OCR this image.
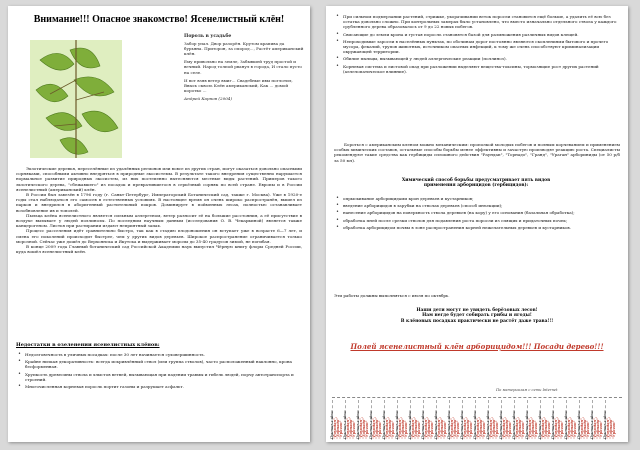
Внимание!!! Опасное знакомство! Ясенелистный клён!
Пороль в усадьбе
Забор упал. Двор разорён. Крутом крапива да бурьяна. Приторон, за смород..., Растёт американский клён.
Ему привольно на земле, Забывшей труд простой и вечный. Народ толпой рванул в города, И стало пусто на селе.
И вот взяв ветер вмиг... Свадебные ивы поглотил, Ввысь сквозь Клён американский, Как ... домой коротко ...
Андрей Карпов (2004)

Экзотические деревья, переселённые из удалённых регионов или вовсе из других стран, могут оказаться довольно опасными сорняками, способными активно внедряться в природные экосистемы. В результате такого внедрения существенно нарушается нормальное развитие природных экосистем, из них постепенно вытесняются местные виды растений. Примеров такого экзотического дерева, "сбежавшего" из посадок и превратившегося в серьёзный сорняк по всей стране. Европы и в России ясенелистный (американский) клён.

В России был завезён в 1796 году (г. Санкт-Петербург, Императорский Ботанический сад, также г. Москва). Уже в 1920-е годы стал наблюдаться его самосев в естественных условиях. В настоящее время он очень широко распространён, вышел из парков и внедрился в аборигенный растительный покров. Доминирует в пойменных лесах, полностью останавливает возобновление ив и тополей.

Пыльца клёна ясенелистного является сильным аллергеном, ветер разносит её на большие расстояния, а её присутствие в воздухе вызывает у людей поллинозы. По последним научным данным (исследования О. В. Чекаркиной) является также канцерогеном. Листья при растирании издают неприятный запах.

Процесс расселения идёт сравнительно быстро, так как в стадию плодоношения он вступает уже в возрасте 6—7 лет, и смена его поколений происходит быстрее, чем у других видов деревьев. Широкое распространение ограничивается только морозной. Сейчас уже дошёл до Верхоянска и Якутска и выдерживает морозы до 35-40 градусов зимой, не погибая.

В конце 2009 года Главный ботанический сад Российской Академии наук выпустил Чёрную книгу флоры Средней России, куда вошёл ясенелистный клён.

Недостатки в озеленении ясенелистных клёнов:
• Недолговечность в уличных посадках: после 30 лет начинается суховершинность.
• Крайне низкая декоративность: всегда искривлённый ствол (или группа стволов), часто расположенный наклонно, крона бесформенная.
• Хрупкость древесины ствола и хлыстов ветвей, вызывающая при падении травмы и гибель людей, порчу автотранспорта и строений.
• Многочисленная корневая поросль портит газоны и разрушает асфальт.
• При сильном подмерзании растений, стрижке, укорачивании веток поросли становится ещё больше, а удалить её всю без остатка довольно сложно. При контрольных замерах было установлено, что вместо изначально отдельного ствола у каждого срубленного дерева образовалось от 9 до 22 новых побегов.
• Свисающие до земли крона и густая поросль становятся базой для размножения различных видов клещей.
• Непроходимые заросли в населённых пунктах, по обочинам дорог постоянно являются скоплениями бытового и прочего мусора, фекалий, трупов животных, источником опасных инфекций, к тому же очень способствуют криминализации окружающей территории.
• Обилие пыльцы, вызывающей у людей аллергические реакции (поллиноз).
• Корневая система и листовой опад при разложении выделяют вещества-токсины, тормозящие рост других растений (аллелопатическое влияние).

Бороться с американским кленом можно механическим: прополкой молодых побегов и полным корчеванием и применением особых химических составов, остальные способы борьбы менее эффективны и зачастую производят реакцию роста. Специалисты рекомендуют такие средства как гербициды сплошного действия "Раундап", "Торнадо", "Гранд", "Ураган" арбориниды (от 50 р/б за 50 мл).

Химический способ борьбы предусматривает пять видов применения арборицидов (гербицидов):
• опрыскивание арборицидами крон деревьев и кустарников;
• введение арборицидов в зарубки на стволах деревьев (способ инъекции);
• нанесение арборицидов на поверхность ствола деревьев (на кору) у его основания (базальная обработка);
• обработка пней после срезки стволов для подавления роста поросли из спящих и придаточных почек;
• обработка арборицидом почвы в зоне распространения корней нежелательных деревьев и кустарников.

Эти работы должны выполняться с июля по октябрь.

Наши дети могут не увидеть берёзовых лесов!
Нам негде будет собирать грибы и ягоды!
В клёновых посадках практически не растёт даже трава!!!
Полей ясенелистный клён арборицидом!!! Посади дерево!!!
По материалам с сети Internet
Против клёна: "Раундап", "Торнадо" "Ураган" Против клёна: "Раундап", "Торнадо" "Ураган" Против клёна: "Раундап", "Торнадо" "Ураган" Против клёна: "Раундап", "Торнадо" "Ураган" Против клёна: "Раундап", "Торнадо" "Ураган" Против клёна: "Раундап", "Торнадо" "Ураган" Против клёна: "Раундап", "Торнадо" "Ураган" Против клёна: "Раундап", "Торнадо" "Ураган" Против клёна: "Раундап", "Торнадо" "Ураган" Против клёна: "Раундап", "Торнадо" "Ураган" Против клёна: "Раундап", "Торнадо" "Ураган" Против клёна: "Раундап", "Торнадо" "Ураган" Против клёна: "Раундап", "Торнадо" "Ураган" Против клёна: "Раундап", "Торнадо" "Ураган" Против клёна: "Раундап", "Торнадо" "Ураган" Против клёна: "Раундап", "Торнадо" "Ураган" Против клёна: "Раундап", "Торнадо" "Ураган" Против клёна: "Раундап", "Торнадо" "Ураган" Против клёна: "Раундап", "Торнадо" "Ураган" Против клёна: "Раундап", "Торнадо" "Ураган" Против клёна: "Раундап", "Торнадо" "Ураган" Против клёна: "Раундап", "Торнадо" "Ураган"
